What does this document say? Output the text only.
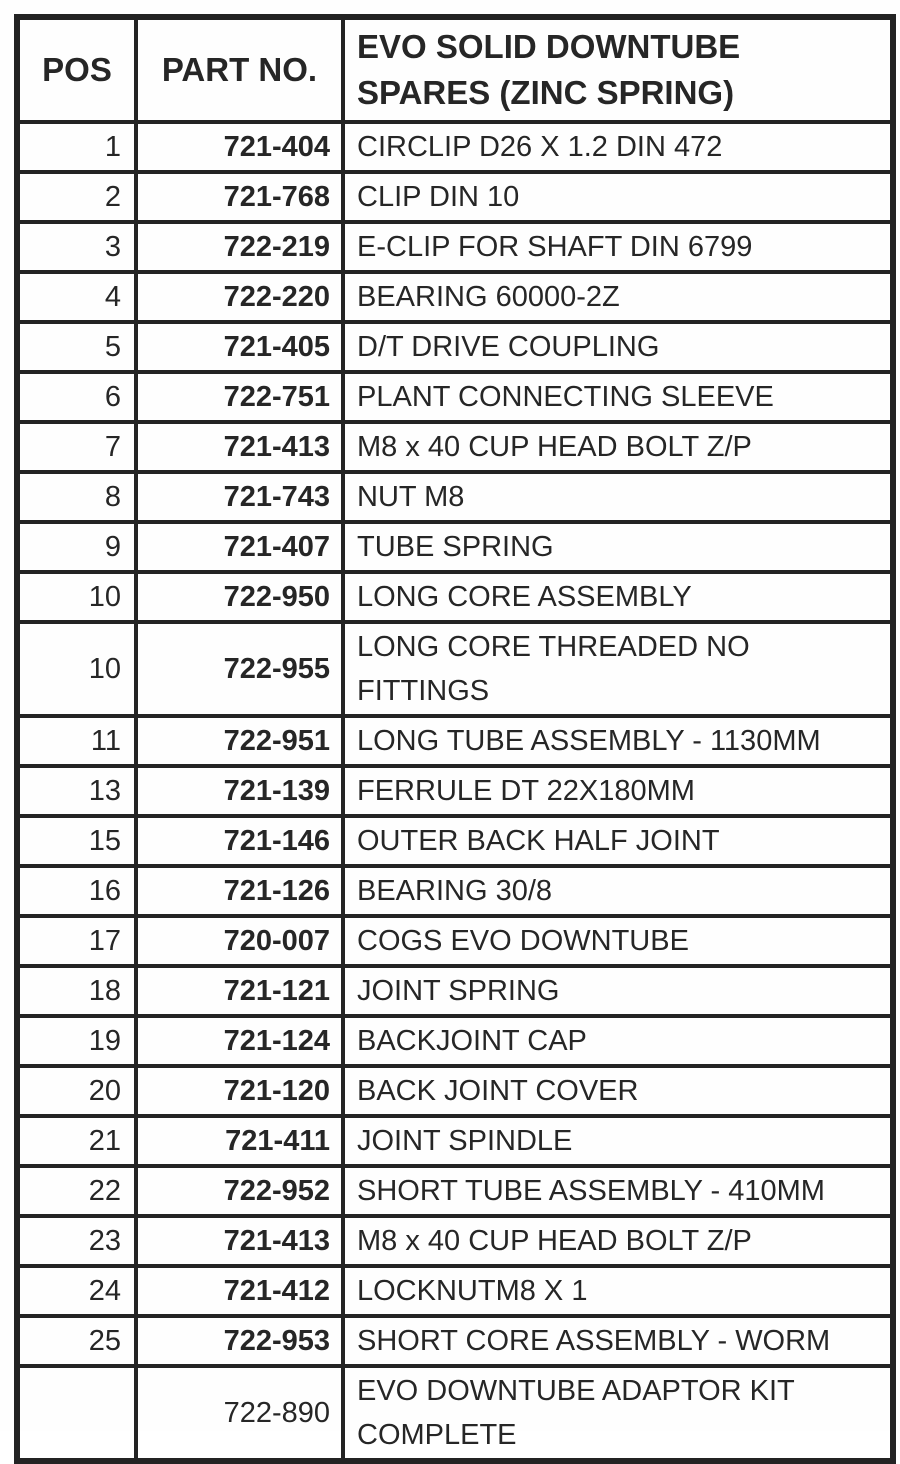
POS	PART NO.	EVO SOLID DOWNTUBE
SPARES (ZINC SPRING)

1	721-404	CIRCLIP D26 X 1.2 DIN 472
2	721-768	CLIP DIN 10
3	722-219	E-CLIP FOR SHAFT DIN 6799
4	722-220	BEARING 60000-2Z
5	721-405	D/T DRIVE COUPLING
6	722-751	PLANT CONNECTING SLEEVE
7	721-413	M8 x 40 CUP HEAD BOLT Z/P
8	721-743	NUT M8
9	721-407	TUBE SPRING
10	722-950	LONG CORE ASSEMBLY
10	722-955	LONG CORE THREADED NO FITTINGS
11	722-951	LONG TUBE ASSEMBLY - 1130MM
13	721-139	FERRULE DT 22X180MM
15	721-146	OUTER BACK HALF JOINT
16	721-126	BEARING 30/8
17	720-007	COGS EVO DOWNTUBE
18	721-121	JOINT SPRING
19	721-124	BACKJOINT CAP
20	721-120	BACK JOINT COVER
21	721-411	JOINT SPINDLE
22	722-952	SHORT TUBE ASSEMBLY - 410MM
23	721-413	M8 x 40 CUP HEAD BOLT Z/P
24	721-412	LOCKNUTM8 X 1
25	722-953	SHORT CORE ASSEMBLY - WORM
	722-890	EVO DOWNTUBE ADAPTOR KIT COMPLETE
